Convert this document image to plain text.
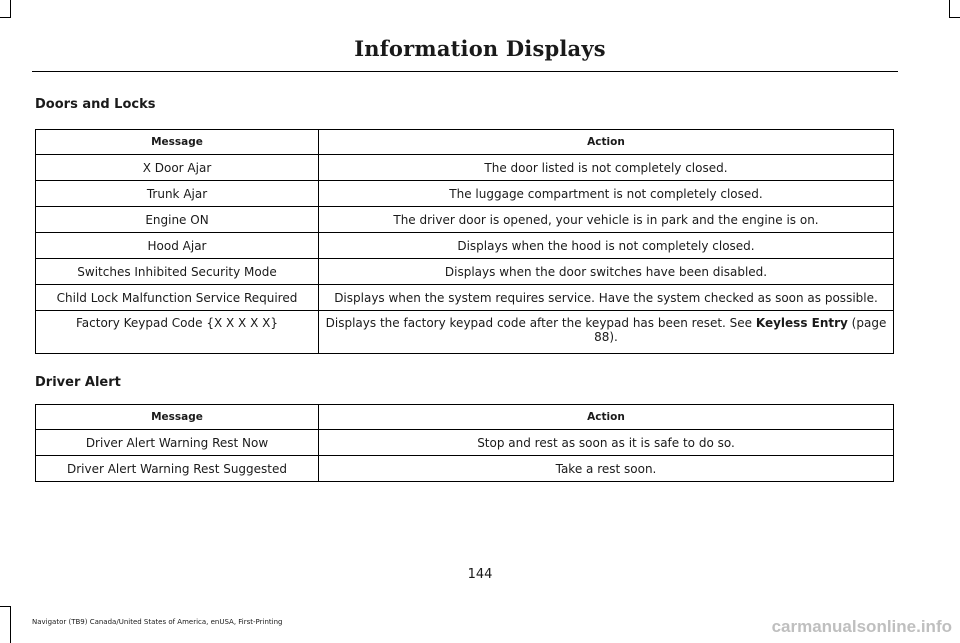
Information Displays
Doors and Locks
Message	Action
X Door Ajar	The door listed is not completely closed.
Trunk Ajar	The luggage compartment is not completely closed.
Engine ON	The driver door is opened, your vehicle is in park and the engine is on.
Hood Ajar	Displays when the hood is not completely closed.
Switches Inhibited Security Mode	Displays when the door switches have been disabled.
Child Lock Malfunction Service Required	Displays when the system requires service. Have the system checked as soon as possible.
Factory Keypad Code {X X X X X}	Displays the factory keypad code after the keypad has been reset. See Keyless Entry (page 88).
Driver Alert
Message	Action
Driver Alert Warning Rest Now	Stop and rest as soon as it is safe to do so.
Driver Alert Warning Rest Suggested	Take a rest soon.
144
Navigator (TB9) Canada/United States of America, enUSA, First-Printing	carmanualsonline.info
